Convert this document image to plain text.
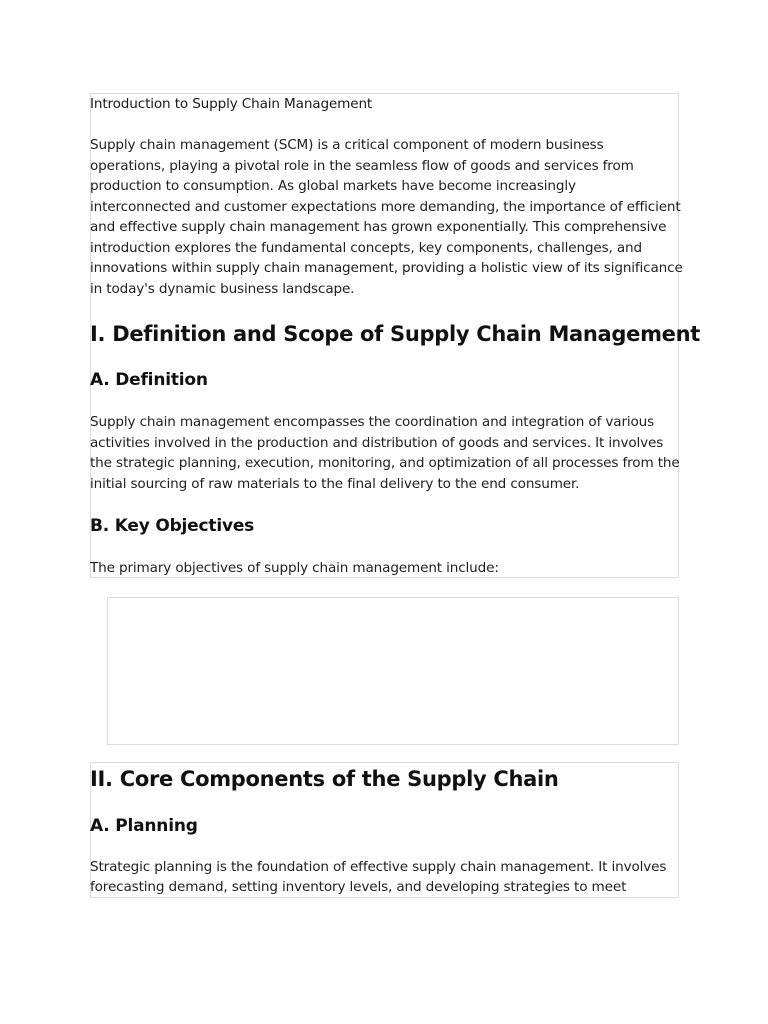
Introduction to Supply Chain Management

Supply chain management (SCM) is a critical component of modern business

operations, playing a pivotal role in the seamless flow of goods and services from

production to consumption. As global markets have become increasingly

interconnected and customer expectations more demanding, the importance of efficient

and effective supply chain management has grown exponentially. This comprehensive

introduction explores the fundamental concepts, key components, challenges, and

innovations within supply chain management, providing a holistic view of its significance

in today's dynamic business landscape.

I. Definition and Scope of Supply Chain Management
A. Definition

Supply chain management encompasses the coordination and integration of various

activities involved in the production and distribution of goods and services. It involves

the strategic planning, execution, monitoring, and optimization of all processes from the

initial sourcing of raw materials to the final delivery to the end consumer.

B. Key Objectives

The primary objectives of supply chain management include:

II. Core Components of the Supply Chain
A. Planning

Strategic planning is the foundation of effective supply chain management. It involves

forecasting demand, setting inventory levels, and developing strategies to meet
